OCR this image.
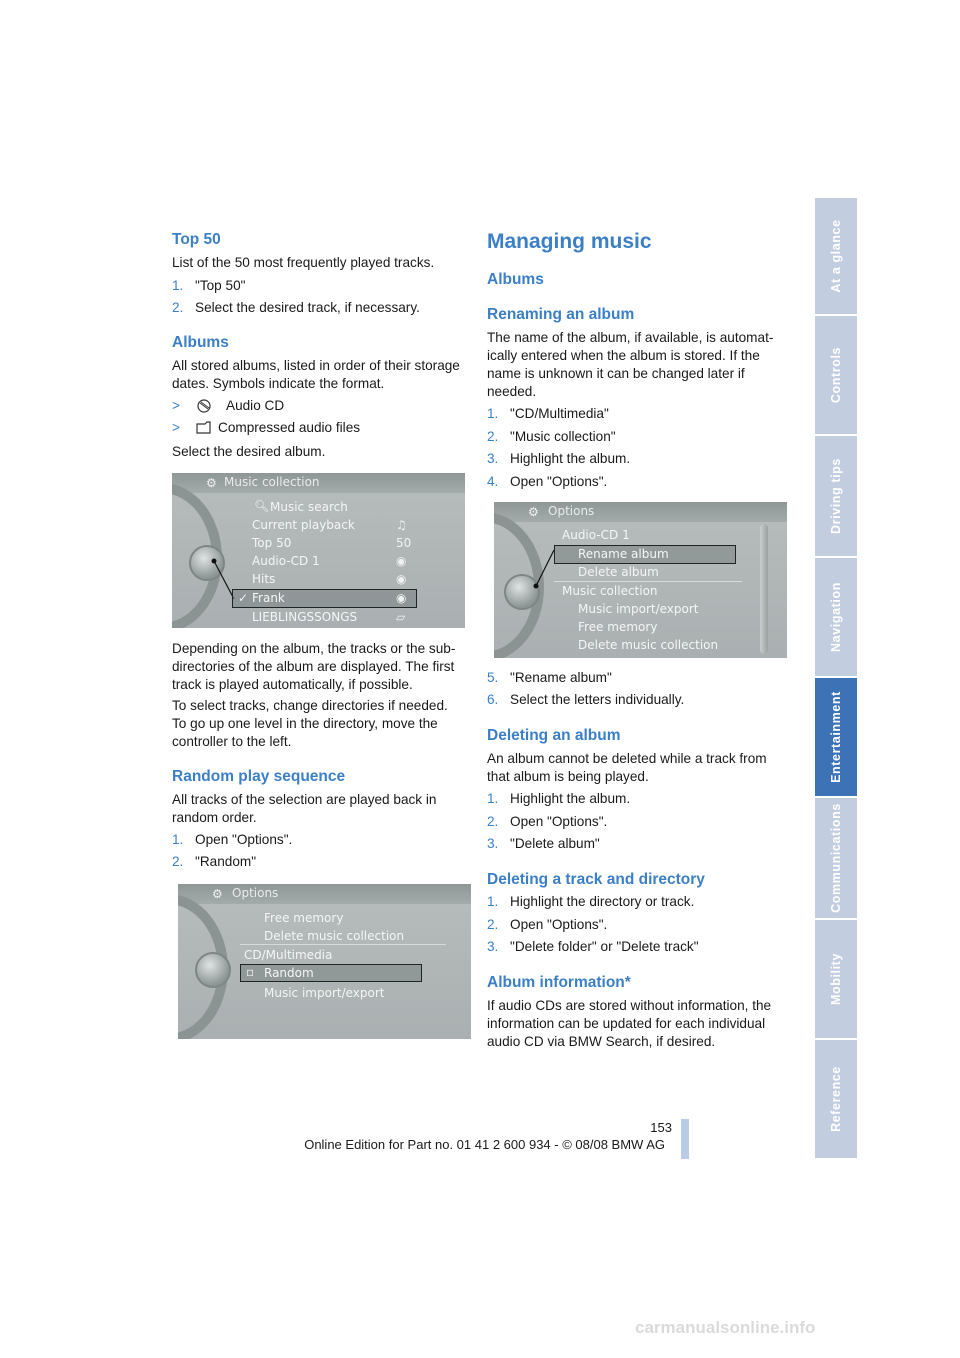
Top 50
List of the 50 most frequently played tracks.
1. "Top 50"
2. Select the desired track, if necessary.
Albums
All stored albums, listed in order of their storage
dates. Symbols indicate the format.
>	Audio CD
>	Compressed audio files
Select the desired album.
⚙ Music collection
🔍︎ Music search
Current playback	♫
Top 50	50
Audio-CD 1	◉
Hits	◉
✓ Frank	◉
LIEBLINGSSONGS	▱
Depending on the album, the tracks or the sub-
directories of the album are displayed. The first
track is played automatically, if possible.
To select tracks, change directories if needed.
To go up one level in the directory, move the
controller to the left.
Random play sequence
All tracks of the selection are played back in
random order.
1. Open "Options".
2. "Random"
⚙ Options
Free memory
Delete music collection
CD/Multimedia
▫ Random
Music import/export
Managing music
Albums
Renaming an album
The name of the album, if available, is automat-
ically entered when the album is stored. If the
name is unknown it can be changed later if
needed.
1. "CD/Multimedia"
2. "Music collection"
3. Highlight the album.
4. Open "Options".
⚙ Options
Audio-CD 1
Rename album
Delete album
Music collection
Music import/export
Free memory
Delete music collection
5. "Rename album"
6. Select the letters individually.
Deleting an album
An album cannot be deleted while a track from
that album is being played.
1. Highlight the album.
2. Open "Options".
3. "Delete album"
Deleting a track and directory
1. Highlight the directory or track.
2. Open "Options".
3. "Delete folder" or "Delete track"
Album information*
If audio CDs are stored without information, the
information can be updated for each individual
audio CD via BMW Search, if desired.
At a glance
Controls
Driving tips
Navigation
Entertainment
Communications
Mobility
Reference
153
Online Edition for Part no. 01 41 2 600 934 - © 08/08 BMW AG
carmanualsonline.info
